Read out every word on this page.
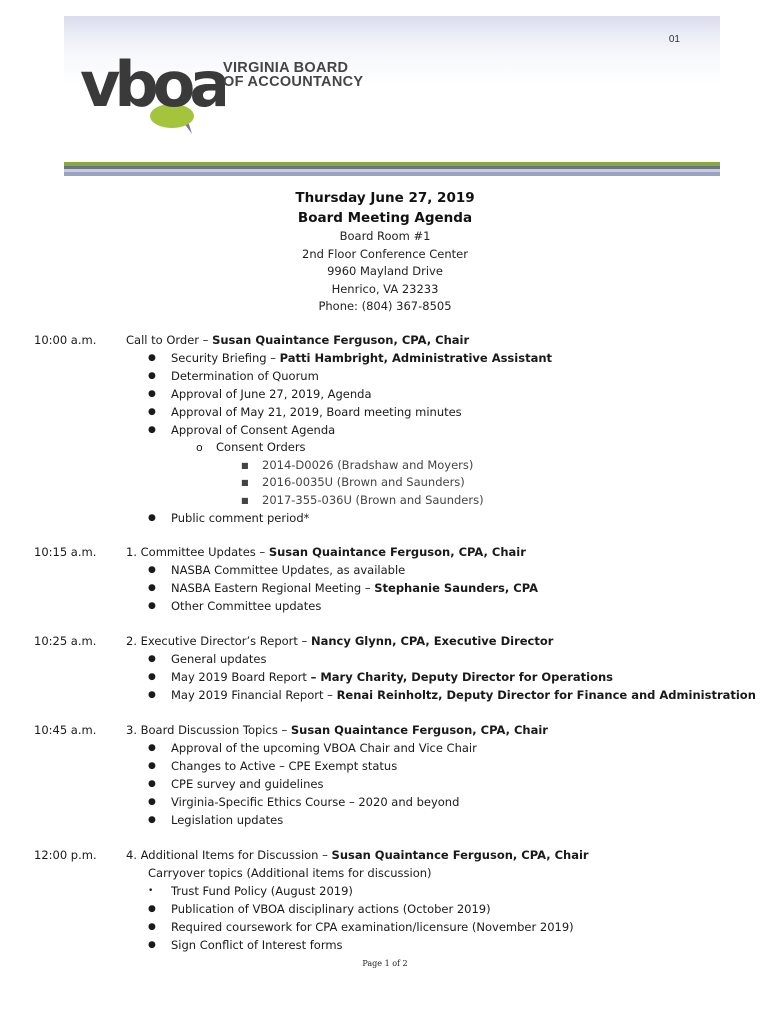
01
vboa
VIRGINIA BOARD
OF ACCOUNTANCY
Thursday June 27, 2019
Board Meeting Agenda
Board Room #1
2nd Floor Conference Center
9960 Mayland Drive
Henrico, VA 23233
Phone: (804) 367-8505
10:00 a.m.	Call to Order – Susan Quaintance Ferguson, CPA, Chair
● Security Briefing – Patti Hambright, Administrative Assistant
● Determination of Quorum
● Approval of June 27, 2019, Agenda
● Approval of May 21, 2019, Board meeting minutes
● Approval of Consent Agenda
o Consent Orders
■ 2014-D0026 (Bradshaw and Moyers)
■ 2016-0035U (Brown and Saunders)
■ 2017-355-036U (Brown and Saunders)
● Public comment period*
10:15 a.m.	1. Committee Updates – Susan Quaintance Ferguson, CPA, Chair
● NASBA Committee Updates, as available
● NASBA Eastern Regional Meeting – Stephanie Saunders, CPA
● Other Committee updates
10:25 a.m.	2. Executive Director’s Report – Nancy Glynn, CPA, Executive Director
● General updates
● May 2019 Board Report – Mary Charity, Deputy Director for Operations
● May 2019 Financial Report – Renai Reinholtz, Deputy Director for Finance and Administration
10:45 a.m.	3. Board Discussion Topics – Susan Quaintance Ferguson, CPA, Chair
● Approval of the upcoming VBOA Chair and Vice Chair
● Changes to Active – CPE Exempt status
● CPE survey and guidelines
● Virginia-Specific Ethics Course – 2020 and beyond
● Legislation updates
12:00 p.m.	4. Additional Items for Discussion – Susan Quaintance Ferguson, CPA, Chair
Carryover topics (Additional items for discussion)
• Trust Fund Policy (August 2019)
● Publication of VBOA disciplinary actions (October 2019)
● Required coursework for CPA examination/licensure (November 2019)
● Sign Conflict of Interest forms
Page 1 of 2
